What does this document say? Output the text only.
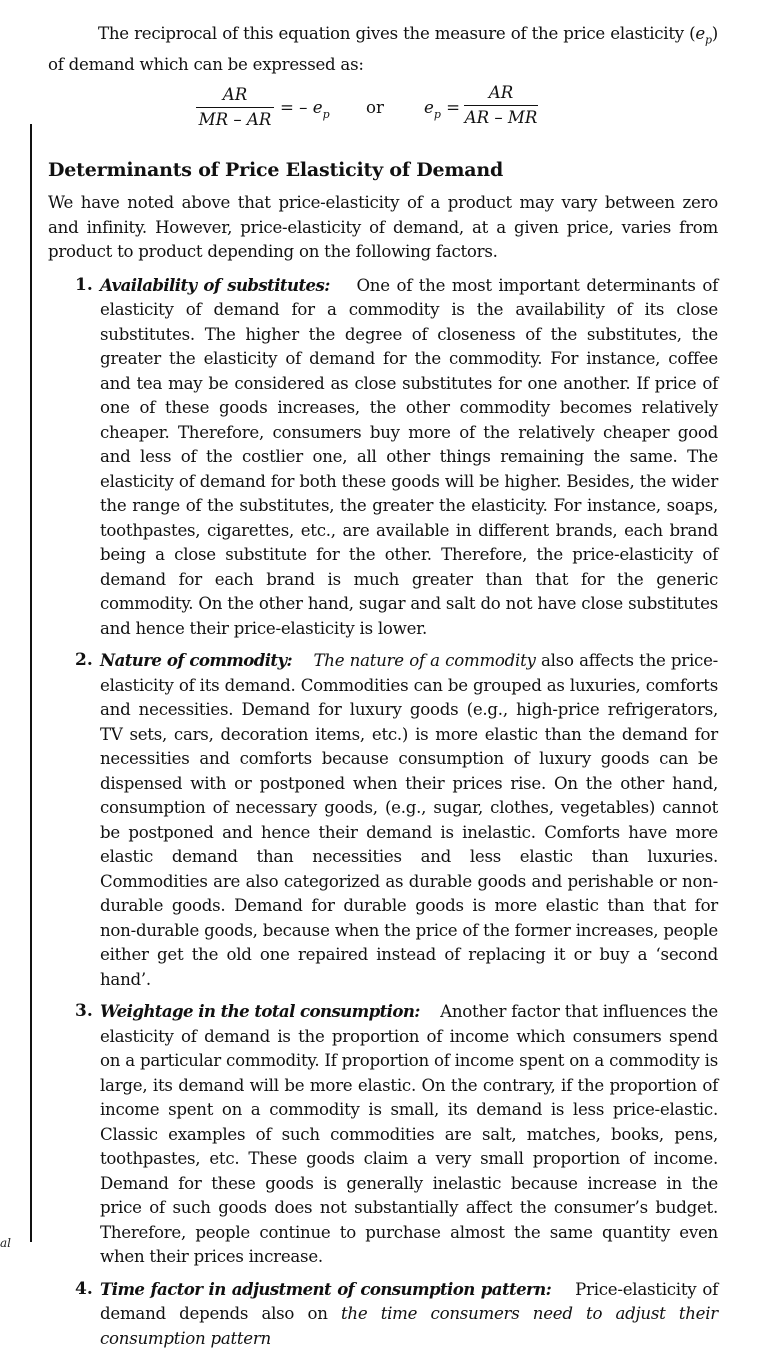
al

The reciprocal of this equation gives the measure of the price elasticity $(e_p)$ of demand which can be expressed as:

AR
MR – AR
= – $e_p$ or $e_p$ =
AR
AR – MR
Determinants of Price Elasticity of Demand

We have noted above that price-elasticity of a product may vary between zero and infinity. However, price-elasticity of demand, at a given price, varies from product to product depending on the following factors.

1. Availability of substitutes: One of the most important determinants of elasticity of demand for a commodity is the availability of its close substitutes. The higher the degree of closeness of the substitutes, the greater the elasticity of demand for the commodity. For instance, coffee and tea may be considered as close substitutes for one another. If price of one of these goods increases, the other commodity becomes relatively cheaper. Therefore, consumers buy more of the relatively cheaper good and less of the costlier one, all other things remaining the same. The elasticity of demand for both these goods will be higher. Besides, the wider the range of the substitutes, the greater the elasticity. For instance, soaps, toothpastes, cigarettes, etc., are available in different brands, each brand being a close substitute for the other. Therefore, the price-elasticity of demand for each brand is much greater than that for the generic commodity. On the other hand, sugar and salt do not have close substitutes and hence their price-elasticity is lower.
2. Nature of commodity: The nature of a commodity also affects the price-elasticity of its demand. Commodities can be grouped as luxuries, comforts and necessities. Demand for luxury goods (e.g., high-price refrigerators, TV sets, cars, decoration items, etc.) is more elastic than the demand for necessities and comforts because consumption of luxury goods can be dispensed with or postponed when their prices rise. On the other hand, consumption of necessary goods, (e.g., sugar, clothes, vegetables) cannot be postponed and hence their demand is inelastic. Comforts have more elastic demand than necessities and less elastic than luxuries. Commodities are also categorized as durable goods and perishable or non-durable goods. Demand for durable goods is more elastic than that for non-durable goods, because when the price of the former increases, people either get the old one repaired instead of replacing it or buy a ‘second hand’.
3. Weightage in the total consumption: Another factor that influences the elasticity of demand is the proportion of income which consumers spend on a particular commodity. If proportion of income spent on a commodity is large, its demand will be more elastic. On the contrary, if the proportion of income spent on a commodity is small, its demand is less price-elastic. Classic examples of such commodities are salt, matches, books, pens, toothpastes, etc. These goods claim a very small proportion of income. Demand for these goods is generally inelastic because increase in the price of such goods does not substantially affect the consumer’s budget. Therefore, people continue to purchase almost the same quantity even when their prices increase.
4. Time factor in adjustment of consumption pattern: Price-elasticity of demand depends also on the time consumers need to adjust their consumption pattern
